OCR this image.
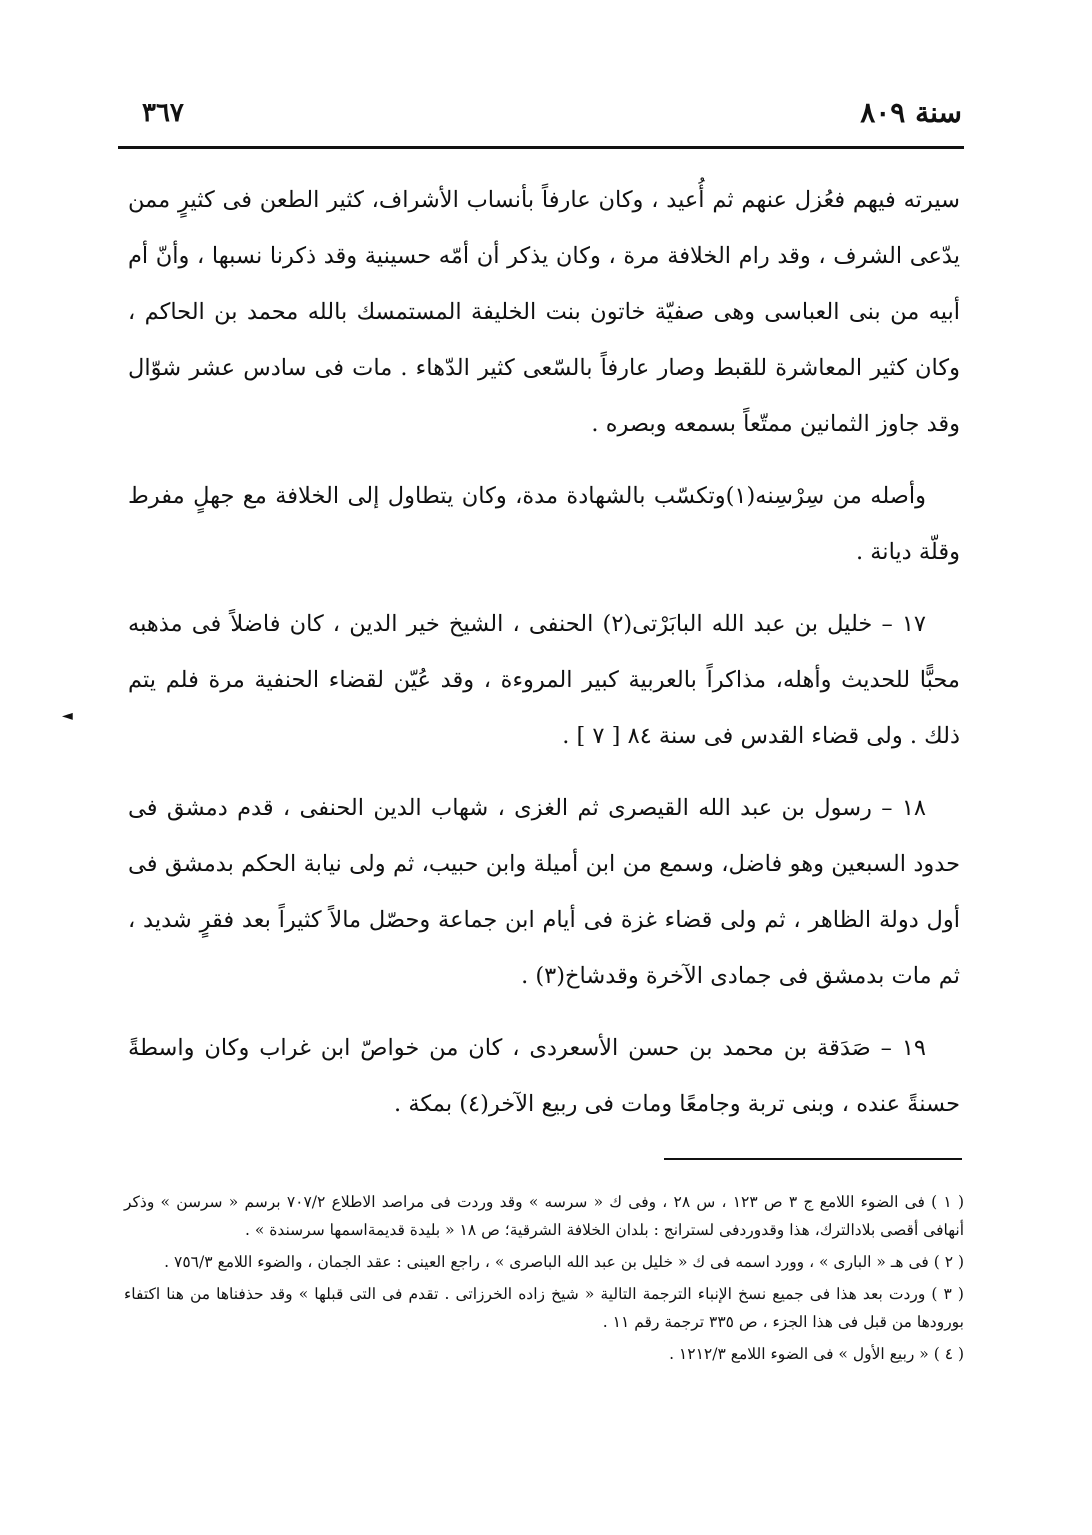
سنة ٨٠٩
٣٦٧
◄

سيرته فيهم فعُزل عنهم ثم أُعيد ، وكان عارفاً بأنساب الأشراف، كثير الطعن فى كثيرٍ ممن يدّعى الشرف ، وقد رام الخلافة مرة ، وكان يذكر أن أمّه حسينية وقد ذكرنا نسبها ، وأنّ أم أبيه من بنى العباسى وهى صفيّة خاتون بنت الخليفة المستمسك بالله محمد بن الحاكم ، وكان كثير المعاشرة للقبط وصار عارفاً بالسّعى كثير الدّهاء . مات فى سادس عشر شوّال وقد جاوز الثمانين ممتّعاً بسمعه وبصره .

وأصله من سِرْسِنه(١)وتكسّب بالشهادة مدة، وكان يتطاول إلى الخلافة مع جهلٍ مفرط وقلّة ديانة .

١٧ – خليل بن عبد الله البابَرْتى(٢) الحنفى ، الشيخ خير الدين ، كان فاضلاً فى مذهبه محبًّا للحديث وأهله، مذاكراً بالعربية كبير المروءة ، وقد عُيّن لقضاء الحنفية مرة فلم يتم ذلك . ولى قضاء القدس فى سنة ٨٤ [ ٧ ] .

١٨ – رسول بن عبد الله القيصرى ثم الغزى ، شهاب الدين الحنفى ، قدم دمشق فى حدود السبعين وهو فاضل، وسمع من ابن أميلة وابن حبيب، ثم ولى نيابة الحكم بدمشق فى أول دولة الظاهر ، ثم ولى قضاء غزة فى أيام ابن جماعة وحصّل مالاً كثيراً بعد فقرٍ شديد ، ثم مات بدمشق فى جمادى الآخرة وقدشاخ(٣) .

١٩ – صَدَقة بن محمد بن حسن الأسعردى ، كان من خواصّ ابن غراب وكان واسطةً حسنةً عنده ، وبنى تربة وجامعًا ومات فى ربيع الآخر(٤) بمكة .

( ١ ) فى الضوء اللامع ج ٣ ص ١٢٣ ، س ٢٨ ، وفى ك « سرسه » وقد وردت فى مراصد الاطلاع ٧٠٧/٢ برسم « سرسن » وذكر أنهافى أقصى بلادالترك، هذا وقدوردفى لسترانج : بلدان الخلافة الشرقية؛ ص ١٨ « بليدة قديمةاسمها سرسندة » .

( ٢ ) فى هـ « البارى » ، وورد اسمه فى ك « خليل بن عبد الله الباصرى » ، راجع العينى : عقد الجمان ، والضوء اللامع ٧٥٦/٣ .

( ٣ ) وردت بعد هذا فى جميع نسخ الإنباء الترجمة التالية « شيخ زاده الخرزاتى . تقدم فى التى قبلها » وقد حذفناها من هنا اكتفاء بورودها من قبل فى هذا الجزء ، ص ٣٣٥ ترجمة رقم ١١ .

( ٤ ) « ربيع الأول » فى الضوء اللامع ١٢١٢/٣ .
